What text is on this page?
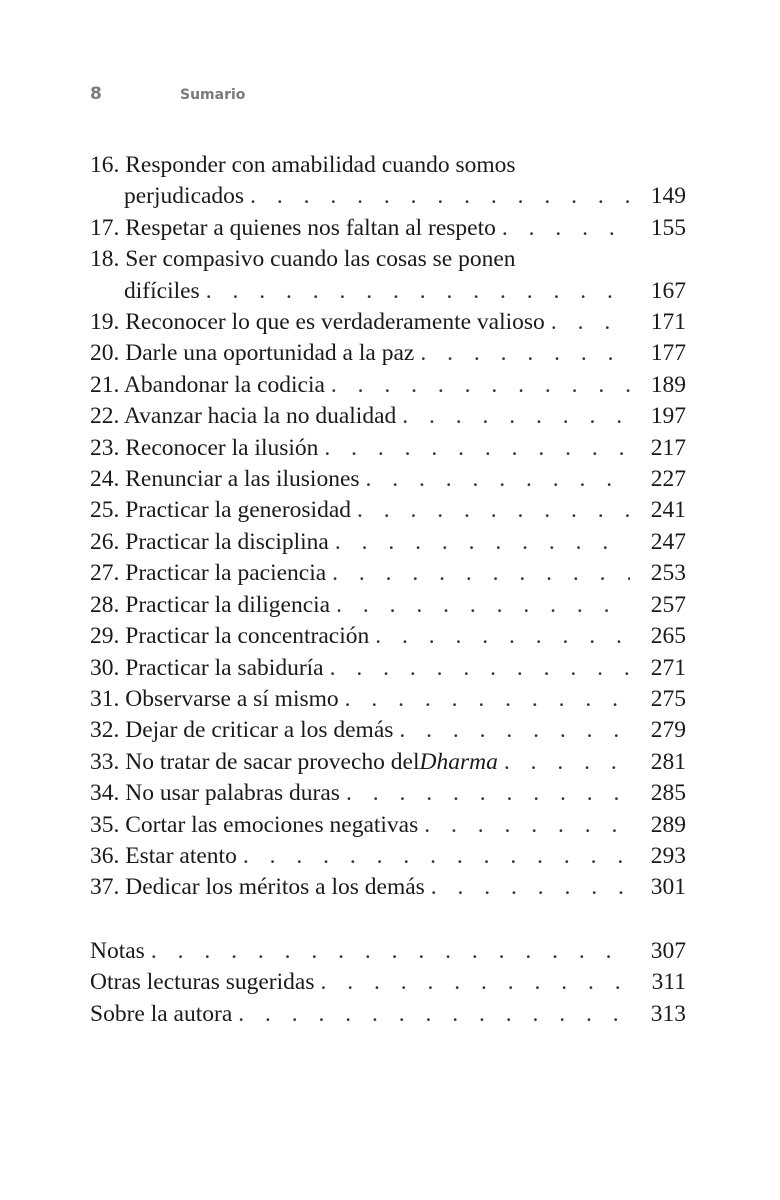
8	Sumario
16. Responder con amabilidad cuando somos
perjudicados . . .	149
17. Respetar a quienes nos faltan al respeto . . .	155
18. Ser compasivo cuando las cosas se ponen
difíciles . . .	167
19. Reconocer lo que es verdaderamente valioso . . .	171
20. Darle una oportunidad a la paz . . .	177
21. Abandonar la codicia . . .	189
22. Avanzar hacia la no dualidad . . .	197
23. Reconocer la ilusión . . .	217
24. Renunciar a las ilusiones . . .	227
25. Practicar la generosidad . . .	241
26. Practicar la disciplina . . .	247
27. Practicar la paciencia . . .	253
28. Practicar la diligencia . . .	257
29. Practicar la concentración . . .	265
30. Practicar la sabiduría . . .	271
31. Observarse a sí mismo . . .	275
32. Dejar de criticar a los demás . . .	279
33. No tratar de sacar provecho del Dharma . . .	281
34. No usar palabras duras . . .	285
35. Cortar las emociones negativas . . .	289
36. Estar atento . . .	293
37. Dedicar los méritos a los demás . . .	301
Notas . . .	307
Otras lecturas sugeridas . . .	311
Sobre la autora . . .	313
